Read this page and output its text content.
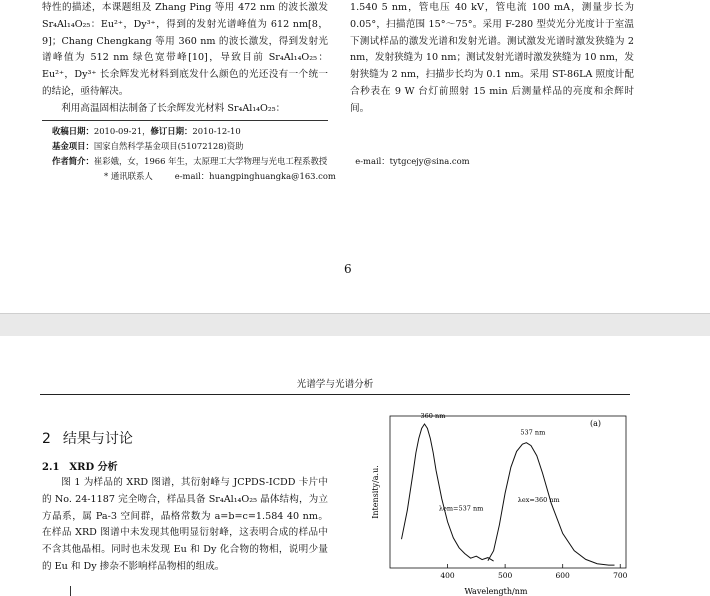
特性的描述，本课题组及 Zhang Ping 等用 472 nm 的波长激发 Sr₄Al₁₄O₂₅：Eu²⁺，Dy³⁺，得到的发射光谱峰值为 612 nm[8，9]；Chang Chengkang 等用 360 nm 的波长激发，得到发射光谱峰值为 512 nm 绿色宽带峰[10]，导致目前 Sr₄Al₁₄O₂₅：Eu²⁺，Dy³⁺ 长余辉发光材料到底发什么颜色的光还没有一个统一的结论，亟待解决。

利用高温固相法制备了长余辉发光材料 Sr₄Al₁₄O₂₅：

1.540 5 nm，管电压 40 kV，管电流 100 mA，测量步长为 0.05°，扫描范围 15°～75°。采用 F-280 型荧光分光度计于室温下测试样品的激发光谱和发射光谱。测试激发光谱时激发狭缝为 2 nm，发射狭缝为 10 nm；测试发射光谱时激发狭缝为 10 nm，发射狭缝为 2 nm，扫描步长均为 0.1 nm。采用 ST-86LA 照度计配合秒表在 9 W 台灯前照射 15 min 后测量样品的亮度和余辉时间。

收稿日期：2010-09-21，修订日期：2010-12-10
基金项目：国家自然科学基金项目(51072128)资助
作者简介：崔彩娥，女，1966 年生，太原理工大学物理与光电工程系教授	e-mail：tytgcejy@sina.com
* 通讯联系人	e-mail：huangpinghuangka@163.com
6
光谱学与光谱分析
2 结果与讨论
2.1　XRD 分析

图 1 为样品的 XRD 图谱，其衍射峰与 JCPDS-ICDD 卡片中的 No. 24-1187 完全吻合，样品具备 Sr₄Al₁₄O₂₅ 晶体结构，为立方晶系，属 Pa-3 空间群，晶格常数为 a=b=c=1.584 40 nm。在样品 XRD 图谱中未发现其他明显衍射峰，这表明合成的样品中不含其他晶相。同时也未发现 Eu 和 Dy 化合物的物相，说明少量的 Eu 和 Dy 掺杂不影响样品物相的组成。

400	500	600	700
(a)
360 nm
537 nm
λem=537 nm
λex=360 nm
Wavelength/nm
Intensity/a.u.
